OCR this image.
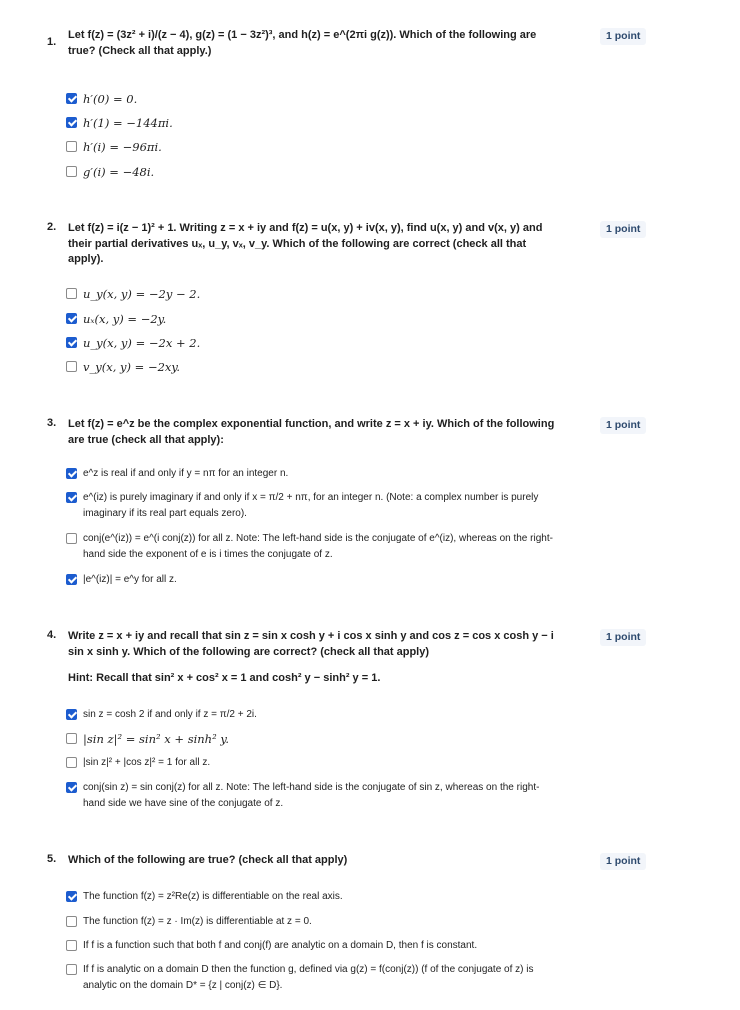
1.
Let f(z) = (3z² + i)/(z − 4), g(z) = (1 − 3z²)³, and h(z) = e^(2πi g(z)). Which of the following are true? (Check all that apply.)
1 point
h′(0) = 0.
h′(1) = −144πi.
h′(i) = −96πi.
g′(i) = −48i.
2. Let f(z) = i(z − 1)² + 1. Writing z = x + iy and f(z) = u(x, y) + iv(x, y), find u(x, y) and v(x, y) and their partial derivatives uₓ, u_y, vₓ, v_y. Which of the following are correct (check all that apply).
1 point
u_y(x, y) = −2y − 2.
uₓ(x, y) = −2y.
u_y(x, y) = −2x + 2.
v_y(x, y) = −2xy.
3. Let f(z) = e^z be the complex exponential function, and write z = x + iy. Which of the following are true (check all that apply):
1 point
e^z is real if and only if y = nπ for an integer n.
e^(iz) is purely imaginary if and only if x = π/2 + nπ, for an integer n. (Note: a complex number is purely imaginary if its real part equals zero).
conj(e^(iz)) = e^(i conj(z)) for all z. Note: The left-hand side is the conjugate of e^(iz), whereas on the right-hand side the exponent of e is i times the conjugate of z.
|e^(iz)| = e^y for all z.
4. Write z = x + iy and recall that sin z = sin x cosh y + i cos x sinh y and cos z = cos x cosh y − i sin x sinh y. Which of the following are correct? (check all that apply)
1 point
Hint: Recall that sin² x + cos² x = 1 and cosh² y − sinh² y = 1.
sin z = cosh 2 if and only if z = π/2 + 2i.
|sin z|² = sin² x + sinh² y.
|sin z|² + |cos z|² = 1 for all z.
conj(sin z) = sin conj(z) for all z. Note: The left-hand side is the conjugate of sin z, whereas on the right-hand side we have sine of the conjugate of z.
5. Which of the following are true? (check all that apply)	1 point
The function f(z) = z²Re(z) is differentiable on the real axis.
The function f(z) = z · Im(z) is differentiable at z = 0.
If f is a function such that both f and conj(f) are analytic on a domain D, then f is constant.
If f is analytic on a domain D then the function g, defined via g(z) = f(conj(z)) (f of the conjugate of z) is analytic on the domain D* = {z | conj(z) ∈ D}.
